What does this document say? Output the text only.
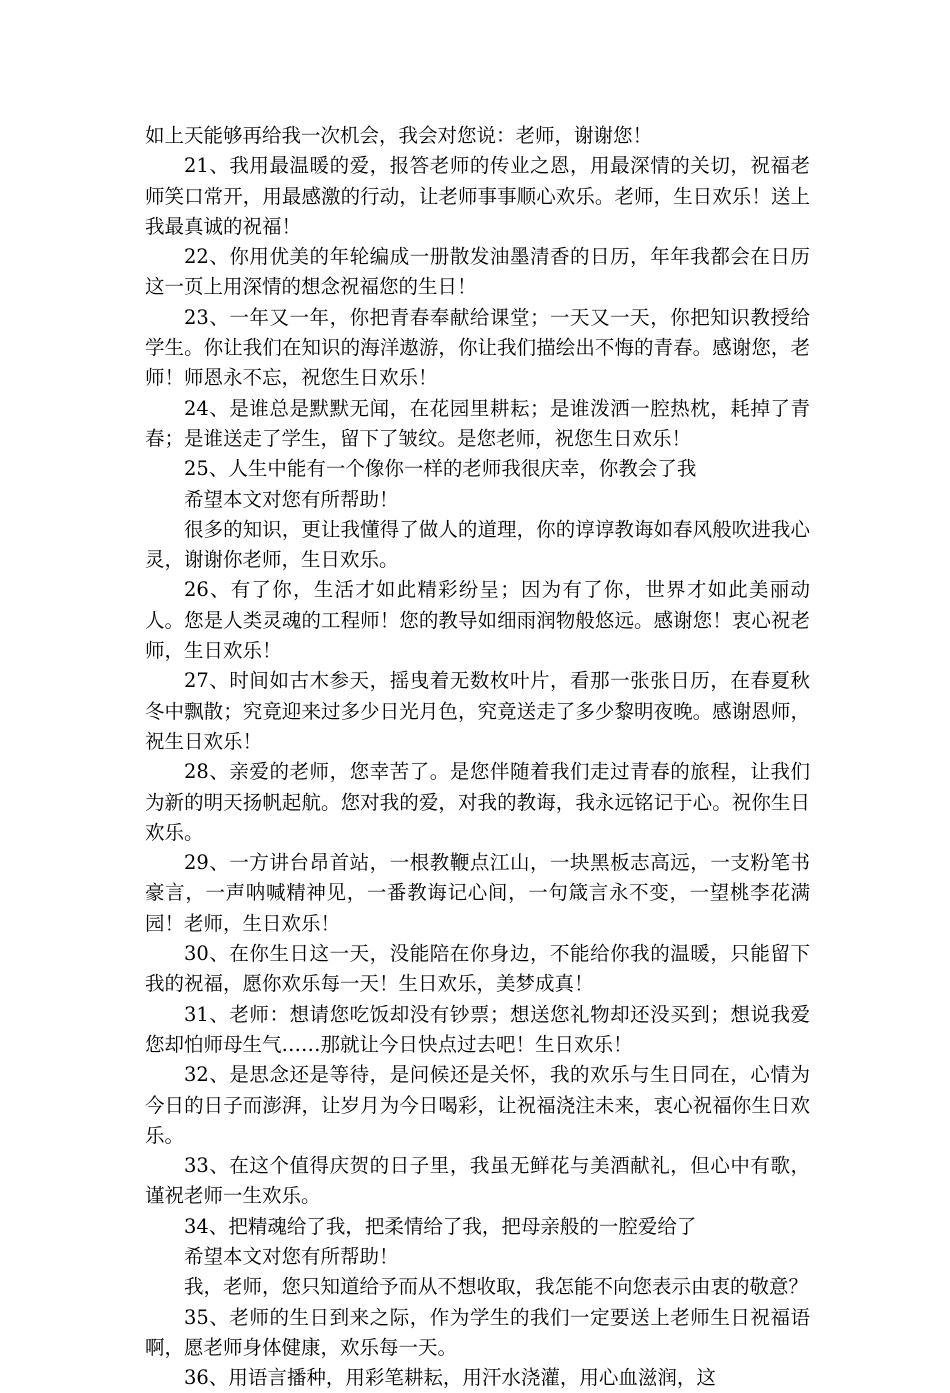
如上天能够再给我一次机会，我会对您说：老师，谢谢您！

21、我用最温暖的爱，报答老师的传业之恩，用最深情的关切，祝福老师笑口常开，用最感激的行动，让老师事事顺心欢乐。老师，生日欢乐！送上我最真诚的祝福！

22、你用优美的年轮编成一册散发油墨清香的日历，年年我都会在日历这一页上用深情的想念祝福您的生日！

23、一年又一年，你把青春奉献给课堂；一天又一天，你把知识教授给学生。你让我们在知识的海洋遨游，你让我们描绘出不悔的青春。感谢您，老师！师恩永不忘，祝您生日欢乐！

24、是谁总是默默无闻，在花园里耕耘；是谁泼洒一腔热枕，耗掉了青春；是谁送走了学生，留下了皱纹。是您老师，祝您生日欢乐！

25、人生中能有一个像你一样的老师我很庆幸，你教会了我

希望本文对您有所帮助！

很多的知识，更让我懂得了做人的道理，你的谆谆教诲如春风般吹进我心灵，谢谢你老师，生日欢乐。

26、有了你，生活才如此精彩纷呈；因为有了你，世界才如此美丽动人。您是人类灵魂的工程师！您的教导如细雨润物般悠远。感谢您！衷心祝老师，生日欢乐！

27、时间如古木参天，摇曳着无数枚叶片，看那一张张日历，在春夏秋冬中飘散；究竟迎来过多少日光月色，究竟送走了多少黎明夜晚。感谢恩师，祝生日欢乐！

28、亲爱的老师，您幸苦了。是您伴随着我们走过青春的旅程，让我们为新的明天扬帆起航。您对我的爱，对我的教诲，我永远铭记于心。祝你生日欢乐。

29、一方讲台昂首站，一根教鞭点江山，一块黑板志高远，一支粉笔书豪言，一声呐喊精神见，一番教诲记心间，一句箴言永不变，一望桃李花满园！老师，生日欢乐！

30、在你生日这一天，没能陪在你身边，不能给你我的温暖，只能留下我的祝福，愿你欢乐每一天！生日欢乐，美梦成真！

31、老师：想请您吃饭却没有钞票；想送您礼物却还没买到；想说我爱您却怕师母生气……那就让今日快点过去吧！生日欢乐！

32、是思念还是等待，是问候还是关怀，我的欢乐与生日同在，心情为今日的日子而澎湃，让岁月为今日喝彩，让祝福浇注未来，衷心祝福你生日欢乐。

33、在这个值得庆贺的日子里，我虽无鲜花与美酒献礼，但心中有歌，谨祝老师一生欢乐。

34、把精魂给了我，把柔情给了我，把母亲般的一腔爱给了

希望本文对您有所帮助！

我，老师，您只知道给予而从不想收取，我怎能不向您表示由衷的敬意？

35、老师的生日到来之际，作为学生的我们一定要送上老师生日祝福语啊，愿老师身体健康，欢乐每一天。

36、用语言播种，用彩笔耕耘，用汗水浇灌，用心血滋润，这
